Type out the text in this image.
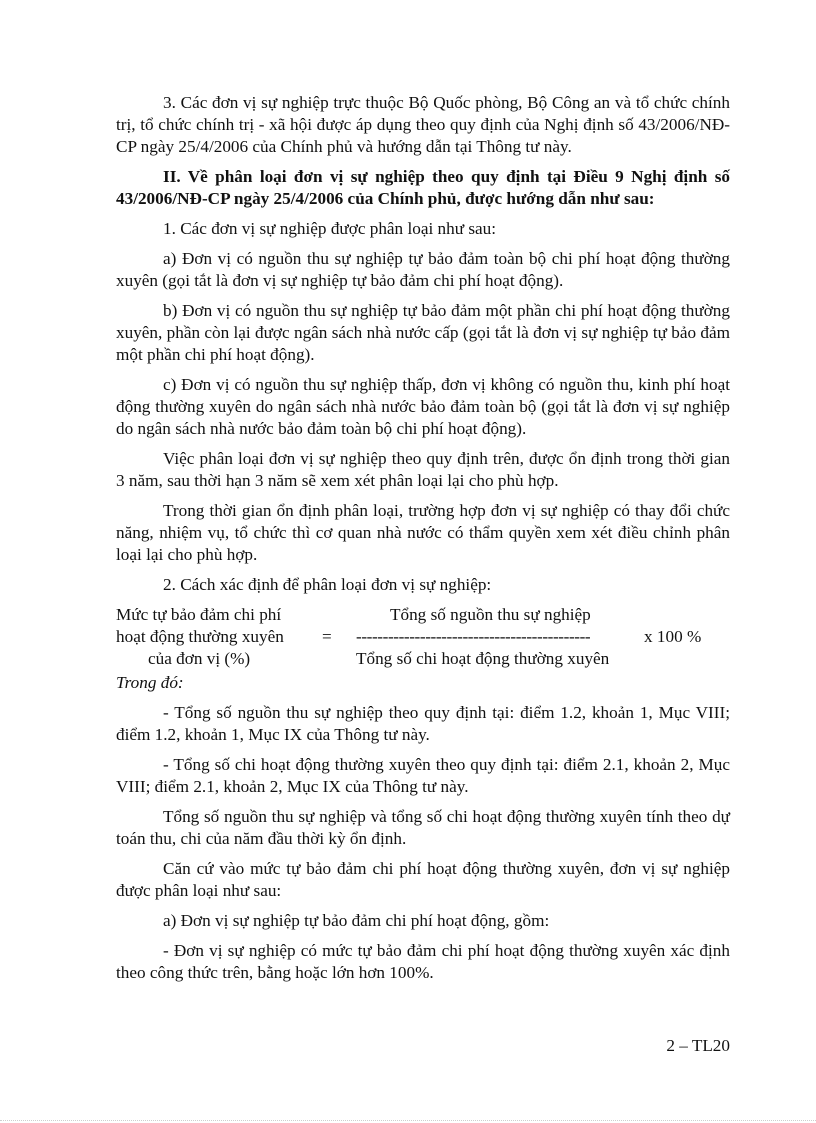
3. Các đơn vị sự nghiệp trực thuộc Bộ Quốc phòng, Bộ Công an và tổ chức chính trị, tổ chức chính trị - xã hội được áp dụng theo quy định của Nghị định số 43/2006/NĐ-CP ngày 25/4/2006 của Chính phủ và hướng dẫn tại Thông tư này.

II. Về phân loại đơn vị sự nghiệp theo quy định tại Điều 9 Nghị định số 43/2006/NĐ-CP ngày 25/4/2006 của Chính phủ, được hướng dẫn như sau:

1. Các đơn vị sự nghiệp được phân loại như sau:

a) Đơn vị có nguồn thu sự nghiệp tự bảo đảm toàn bộ chi phí hoạt động thường xuyên (gọi tắt là đơn vị sự nghiệp tự bảo đảm chi phí hoạt động).

b) Đơn vị có nguồn thu sự nghiệp tự bảo đảm một phần chi phí hoạt động thường xuyên, phần còn lại được ngân sách nhà nước cấp (gọi tắt là đơn vị sự nghiệp tự bảo đảm một phần chi phí hoạt động).

c) Đơn vị có nguồn thu sự nghiệp thấp, đơn vị không có nguồn thu, kinh phí hoạt động thường xuyên do ngân sách nhà nước bảo đảm toàn bộ (gọi tắt là đơn vị sự nghiệp do ngân sách nhà nước bảo đảm toàn bộ chi phí hoạt động).

Việc phân loại đơn vị sự nghiệp theo quy định trên, được ổn định trong thời gian 3 năm, sau thời hạn 3 năm sẽ xem xét phân loại lại cho phù hợp.

Trong thời gian ổn định phân loại, trường hợp đơn vị sự nghiệp có thay đổi chức năng, nhiệm vụ, tổ chức thì cơ quan nhà nước có thẩm quyền xem xét điều chỉnh phân loại lại cho phù hợp.

2. Cách xác định để phân loại đơn vị sự nghiệp:

Mức tự bảo đảm chi phí
hoạt động thường xuyên
của đơn vị (%)
=
Tổng số nguồn thu sự nghiệp
--------------------------------------------
Tổng số chi hoạt động thường xuyên
x 100 %

Trong đó:

- Tổng số nguồn thu sự nghiệp theo quy định tại: điểm 1.2, khoản 1, Mục VIII; điểm 1.2, khoản 1, Mục IX của Thông tư này.

- Tổng số chi hoạt động thường xuyên theo quy định tại: điểm 2.1, khoản 2, Mục VIII; điểm 2.1, khoản 2, Mục IX của Thông tư này.

Tổng số nguồn thu sự nghiệp và tổng số chi hoạt động thường xuyên tính theo dự toán thu, chi của năm đầu thời kỳ ổn định.

Căn cứ vào mức tự bảo đảm chi phí hoạt động thường xuyên, đơn vị sự nghiệp được phân loại như sau:

a) Đơn vị sự nghiệp tự bảo đảm chi phí hoạt động, gồm:

- Đơn vị sự nghiệp có mức tự bảo đảm chi phí hoạt động thường xuyên xác định theo công thức trên, bằng hoặc lớn hơn 100%.

2 – TL20
